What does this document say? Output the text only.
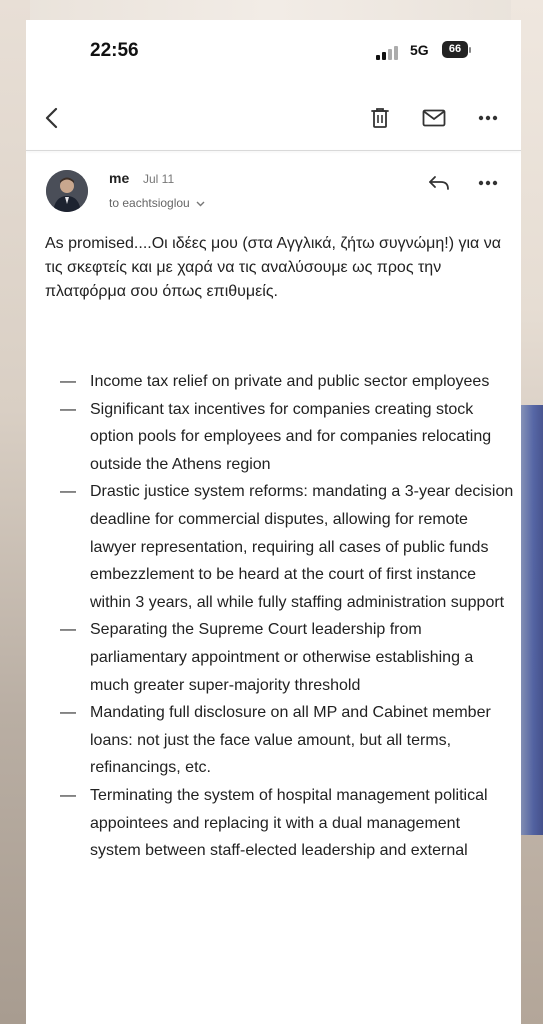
22:56	5G	66
me Jul 11
to eachtsioglou
As promised....Οι ιδέες μου (στα Αγγλικά, ζήτω συγνώμη!) για να τις σκεφτείς και με χαρά να τις αναλύσουμε ως προς την πλατφόρμα σου όπως επιθυμείς.
— Income tax relief on private and public sector employees
— Significant tax incentives for companies creating stock option pools for employees and for companies relocating outside the Athens region
— Drastic justice system reforms: mandating a 3-year decision deadline for commercial disputes, allowing for remote lawyer representation, requiring all cases of public funds embezzlement to be heard at the court of first instance within 3 years, all while fully staffing administration support
— Separating the Supreme Court leadership from parliamentary appointment or otherwise establishing a much greater super-majority threshold
— Mandating full disclosure on all MP and Cabinet member loans: not just the face value amount, but all terms, refinancings, etc.
— Terminating the system of hospital management political appointees and replacing it with a dual management system between staff-elected leadership and external
